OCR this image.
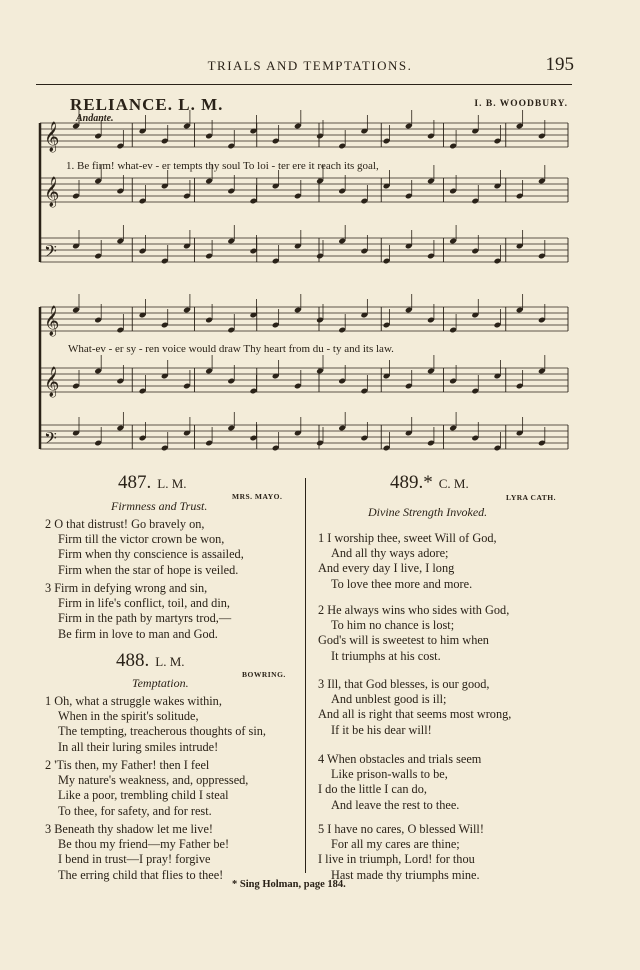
TRIALS AND TEMPTATIONS.	195
RELIANCE. L. M.	I. B. WOODBURY.
Andante.
𝄞
𝄞
𝄢
𝄞
𝄞
𝄢
1. Be firm! what-ev - er tempts thy soul To loi - ter ere it reach its goal,
What-ev - er sy - ren voice would draw Thy heart from du - ty and its law.
487. L. M.
MRS. MAYO.
Firmness and Trust.
2 O that distrust! Go bravely on,
Firm till the victor crown be won,
Firm when thy conscience is assailed,
Firm when the star of hope is veiled.
3 Firm in defying wrong and sin,
Firm in life's conflict, toil, and din,
Firm in the path by martyrs trod,—
Be firm in love to man and God.
488. L. M.
BOWRING.
Temptation.
1 Oh, what a struggle wakes within,
When in the spirit's solitude,
The tempting, treacherous thoughts of sin,
In all their luring smiles intrude!
2 'Tis then, my Father! then I feel
My nature's weakness, and, oppressed,
Like a poor, trembling child I steal
To thee, for safety, and for rest.
3 Beneath thy shadow let me live!
Be thou my friend—my Father be!
I bend in trust—I pray! forgive
The erring child that flies to thee!
489.* C. M.
LYRA CATH.
Divine Strength Invoked.
1 I worship thee, sweet Will of God,
And all thy ways adore;
And every day I live, I long
To love thee more and more.
2 He always wins who sides with God,
To him no chance is lost;
God's will is sweetest to him when
It triumphs at his cost.
3 Ill, that God blesses, is our good,
And unblest good is ill;
And all is right that seems most wrong,
If it be his dear will!
4 When obstacles and trials seem
Like prison-walls to be,
I do the little I can do,
And leave the rest to thee.
5 I have no cares, O blessed Will!
For all my cares are thine;
I live in triumph, Lord! for thou
Hast made thy triumphs mine.
* Sing Holman, page 184.
